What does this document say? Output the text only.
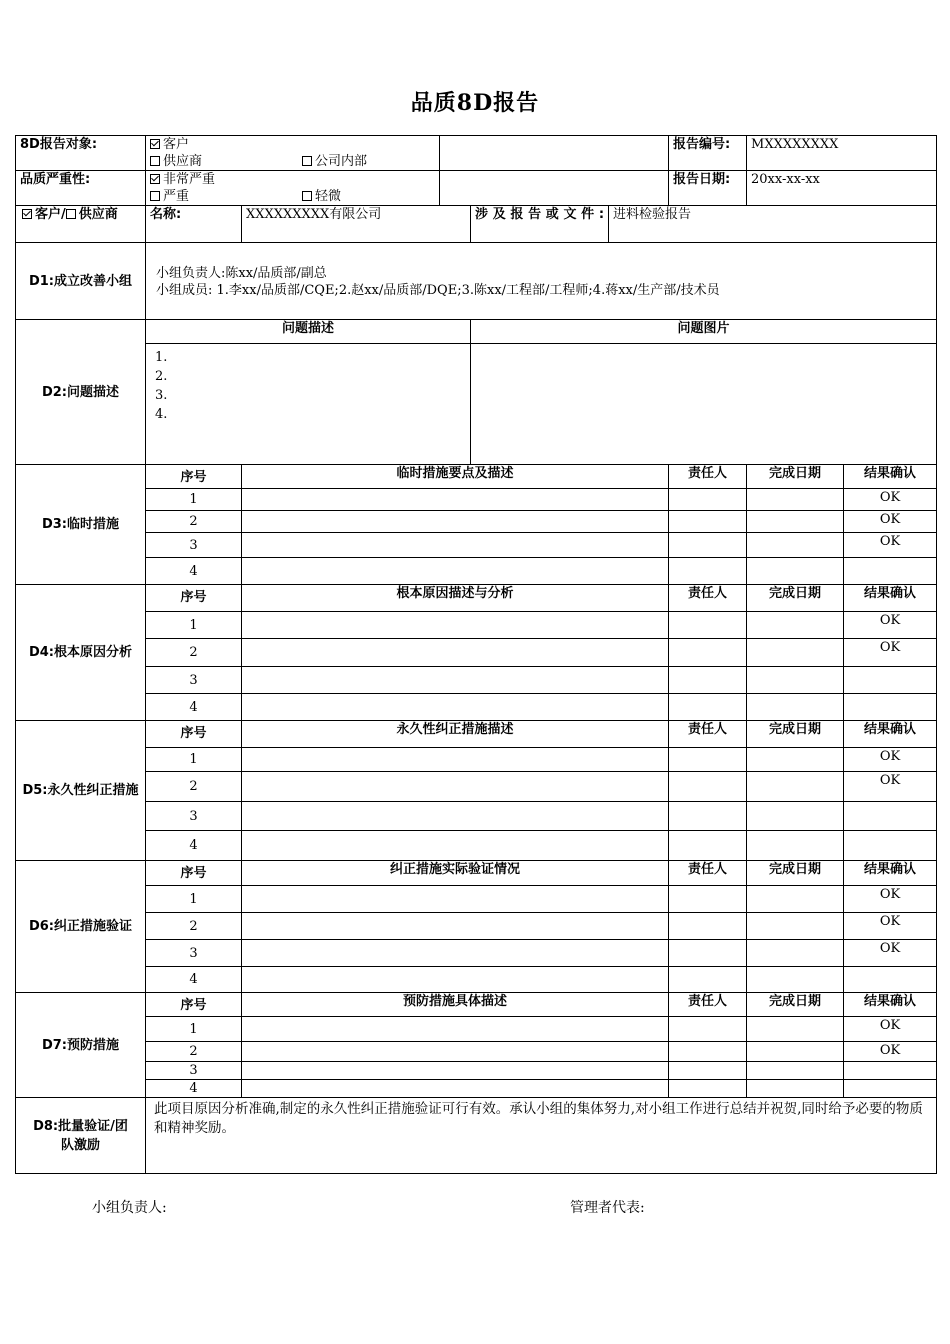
品质8D报告
8D报告对象:	客户供应商 公司内部					报告编号:	MXXXXXXXX	
品质严重性:	非常严重严重 轻微					报告日期:	20xx-xx-xx	
客户/ 供应商	名称:	XXXXXXXXX有限公司		涉及报告或文件:	进料检验报告			
D1:成立改善小组	小组负责人:陈xx/品质部/副总
小组成员: 1.李xx/品质部/CQE;2.赵xx/品质部/DQE;3.陈xx/工程部/工程师;4.蒋xx/生产部/技术员							

D2:问题描述	问题描述			问题图片				

	1.
2.
3.
4.							

D3:临时措施	序号	临时措施要点及描述				责任人	完成日期	结果确认
	1							OK
	2							OK
	3							OK
	4							
D4:根本原因分析	序号	根本原因描述与分析				责任人	完成日期	结果确认
	1							OK
	2							OK
	3							
	4							
D5:永久性纠正措施	序号	永久性纠正措施描述				责任人	完成日期	结果确认
	1							OK
	2							OK
	3							
	4							
D6:纠正措施验证	序号	纠正措施实际验证情况				责任人	完成日期	结果确认
	1							OK
	2							OK
	3							OK
	4							
D7:预防措施	序号	预防措施具体描述				责任人	完成日期	结果确认
	1							OK
	2							OK
	3							
	4							
D8:批量验证/团队激励	此项目原因分析准确,制定的永久性纠正措施验证可行有效。承认小组的集体努力,对小组工作进行总结并祝贺,同时给予必要的物质和精神奖励。							
小组负责人:	管理者代表:
